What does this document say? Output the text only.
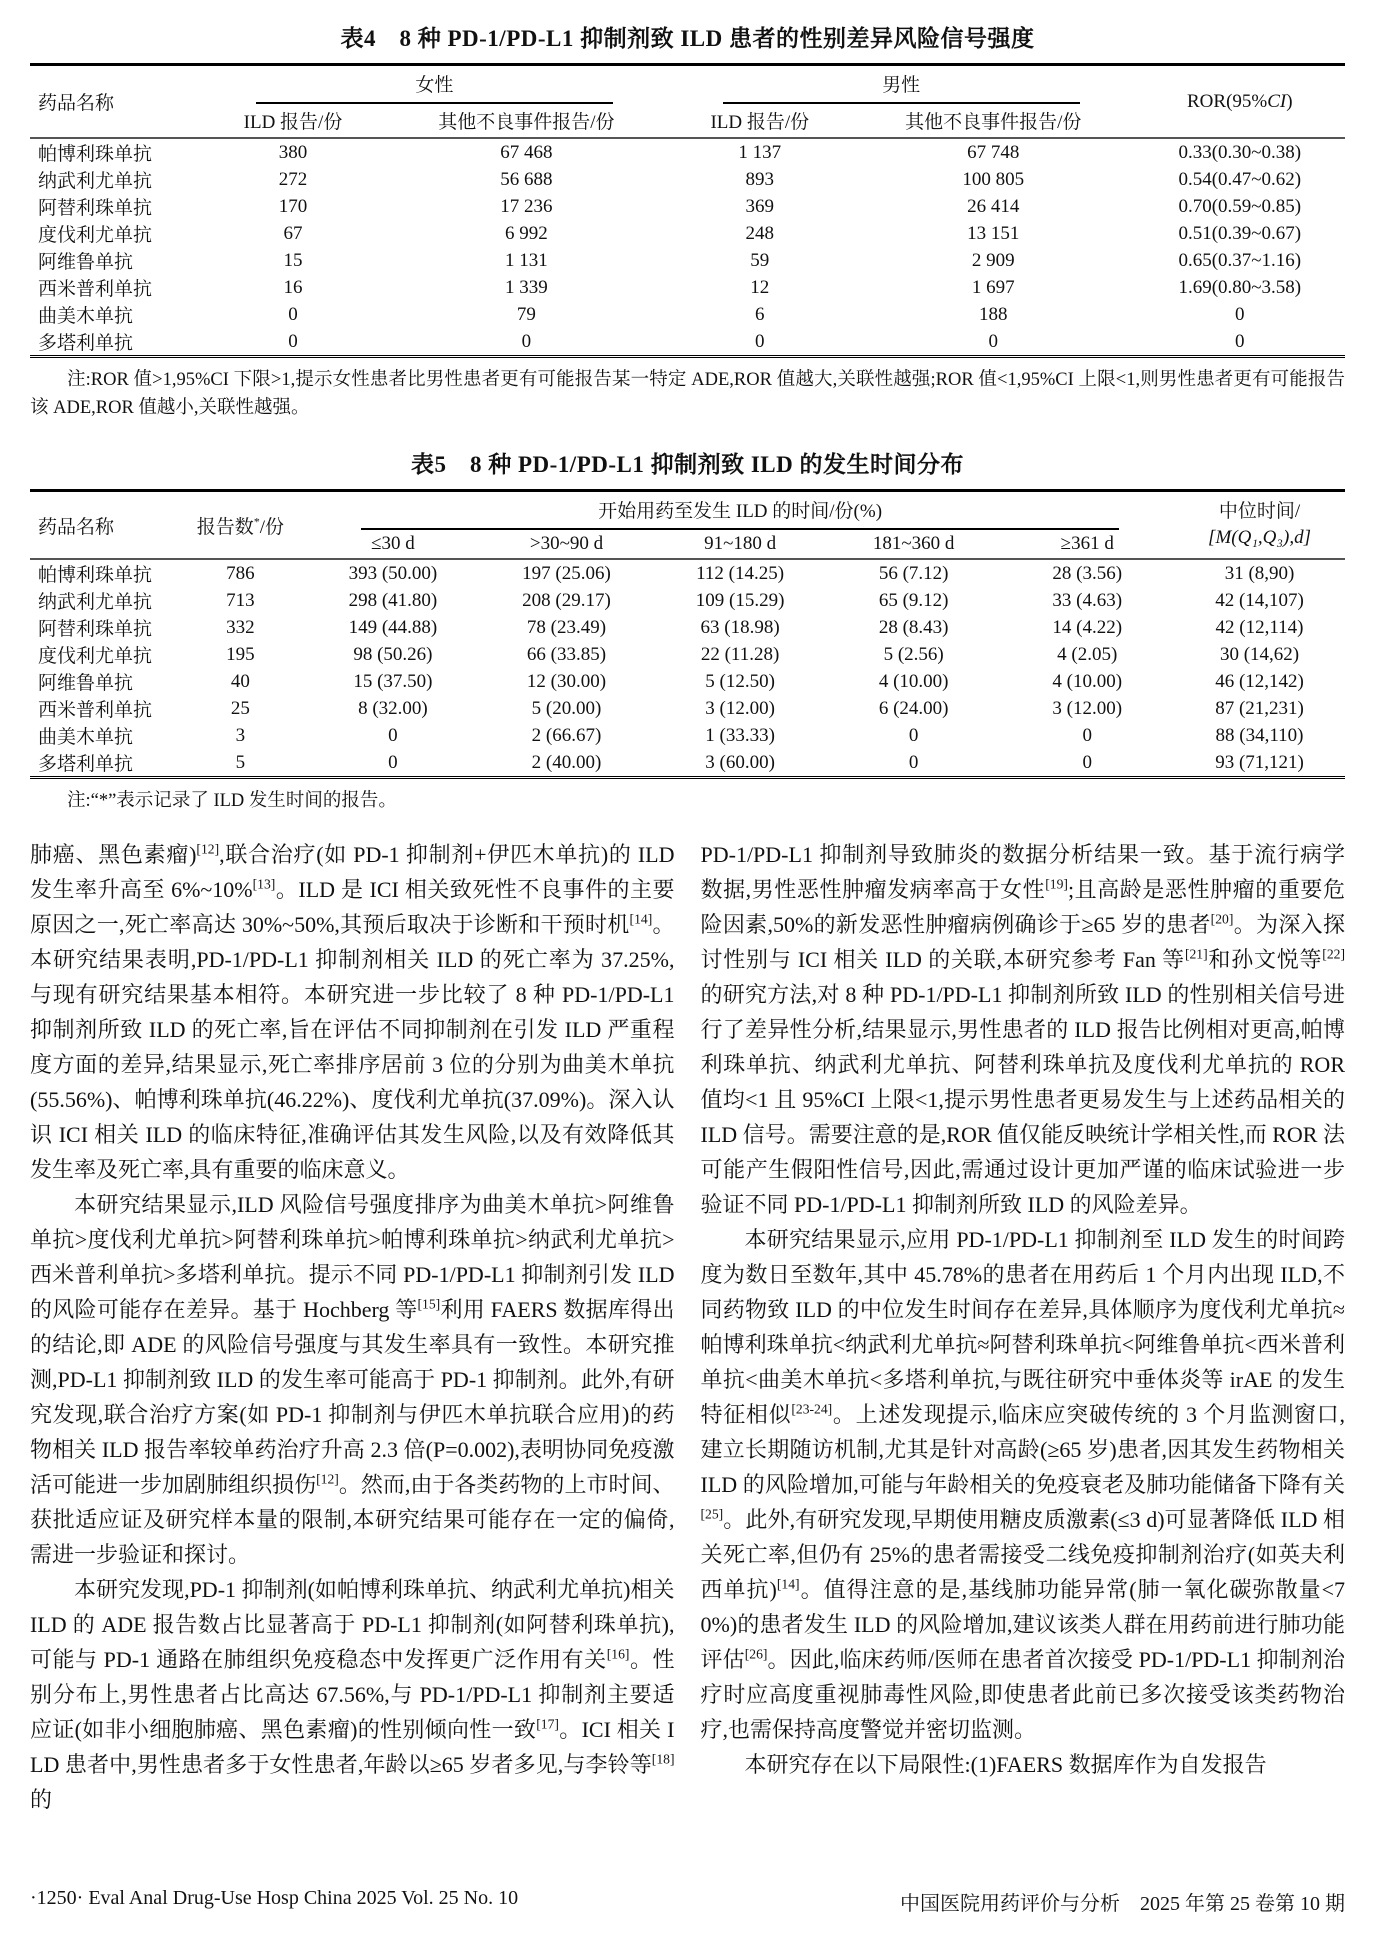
表4　8 种 PD-1/PD-L1 抑制剂致 ILD 患者的性别差异风险信号强度
药品名称	女性		男性		ROR(95%CI)
	ILD 报告/份	其他不良事件报告/份	ILD 报告/份	其他不良事件报告/份	
帕博利珠单抗	380	67 468	1 137	67 748	0.33(0.30~0.38)
纳武利尤单抗	272	56 688	893	100 805	0.54(0.47~0.62)
阿替利珠单抗	170	17 236	369	26 414	0.70(0.59~0.85)
度伐利尤单抗	67	6 992	248	13 151	0.51(0.39~0.67)
阿维鲁单抗	15	1 131	59	2 909	0.65(0.37~1.16)
西米普利单抗	16	1 339	12	1 697	1.69(0.80~3.58)
曲美木单抗	0	79	6	188	0
多塔利单抗	0	0	0	0	0
注:ROR 值>1,95%CI 下限>1,提示女性患者比男性患者更有可能报告某一特定 ADE,ROR 值越大,关联性越强;ROR 值<1,95%CI 上限<1,则男性患者更有可能报告该 ADE,ROR 值越小,关联性越强。
表5　8 种 PD-1/PD-L1 抑制剂致 ILD 的发生时间分布
药品名称	报告数*/份	开始用药至发生 ILD 的时间/份(%)					中位时间/
[M(Q₁,Q₃),d]
		≤30 d	>30~90 d	91~180 d	181~360 d	≥361 d	
帕博利珠单抗	786	393 (50.00)	197 (25.06)	112 (14.25)	56 (7.12)	28 (3.56)	31 (8,90)
纳武利尤单抗	713	298 (41.80)	208 (29.17)	109 (15.29)	65 (9.12)	33 (4.63)	42 (14,107)
阿替利珠单抗	332	149 (44.88)	78 (23.49)	63 (18.98)	28 (8.43)	14 (4.22)	42 (12,114)
度伐利尤单抗	195	98 (50.26)	66 (33.85)	22 (11.28)	5 (2.56)	4 (2.05)	30 (14,62)
阿维鲁单抗	40	15 (37.50)	12 (30.00)	5 (12.50)	4 (10.00)	4 (10.00)	46 (12,142)
西米普利单抗	25	8 (32.00)	5 (20.00)	3 (12.00)	6 (24.00)	3 (12.00)	87 (21,231)
曲美木单抗	3	0	2 (66.67)	1 (33.33)	0	0	88 (34,110)
多塔利单抗	5	0	2 (40.00)	3 (60.00)	0	0	93 (71,121)
注:“*”表示记录了 ILD 发生时间的报告。

肺癌、黑色素瘤)[12],联合治疗(如 PD-1 抑制剂+伊匹木单抗)的 ILD 发生率升高至 6%~10%[13]。ILD 是 ICI 相关致死性不良事件的主要原因之一,死亡率高达 30%~50%,其预后取决于诊断和干预时机[14]。本研究结果表明,PD-1/PD-L1 抑制剂相关 ILD 的死亡率为 37.25%,与现有研究结果基本相符。本研究进一步比较了 8 种 PD-1/PD-L1 抑制剂所致 ILD 的死亡率,旨在评估不同抑制剂在引发 ILD 严重程度方面的差异,结果显示,死亡率排序居前 3 位的分别为曲美木单抗(55.56%)、帕博利珠单抗(46.22%)、度伐利尤单抗(37.09%)。深入认识 ICI 相关 ILD 的临床特征,准确评估其发生风险,以及有效降低其发生率及死亡率,具有重要的临床意义。

本研究结果显示,ILD 风险信号强度排序为曲美木单抗>阿维鲁单抗>度伐利尤单抗>阿替利珠单抗>帕博利珠单抗>纳武利尤单抗>西米普利单抗>多塔利单抗。提示不同 PD-1/PD-L1 抑制剂引发 ILD 的风险可能存在差异。基于 Hochberg 等[15]利用 FAERS 数据库得出的结论,即 ADE 的风险信号强度与其发生率具有一致性。本研究推测,PD-L1 抑制剂致 ILD 的发生率可能高于 PD-1 抑制剂。此外,有研究发现,联合治疗方案(如 PD-1 抑制剂与伊匹木单抗联合应用)的药物相关 ILD 报告率较单药治疗升高 2.3 倍(P=0.002),表明协同免疫激活可能进一步加剧肺组织损伤[12]。然而,由于各类药物的上市时间、获批适应证及研究样本量的限制,本研究结果可能存在一定的偏倚,需进一步验证和探讨。

本研究发现,PD-1 抑制剂(如帕博利珠单抗、纳武利尤单抗)相关 ILD 的 ADE 报告数占比显著高于 PD-L1 抑制剂(如阿替利珠单抗),可能与 PD-1 通路在肺组织免疫稳态中发挥更广泛作用有关[16]。性别分布上,男性患者占比高达 67.56%,与 PD-1/PD-L1 抑制剂主要适应证(如非小细胞肺癌、黑色素瘤)的性别倾向性一致[17]。ICI 相关 ILD 患者中,男性患者多于女性患者,年龄以≥65 岁者多见,与李铃等[18]的

PD-1/PD-L1 抑制剂导致肺炎的数据分析结果一致。基于流行病学数据,男性恶性肿瘤发病率高于女性[19];且高龄是恶性肿瘤的重要危险因素,50%的新发恶性肿瘤病例确诊于≥65 岁的患者[20]。为深入探讨性别与 ICI 相关 ILD 的关联,本研究参考 Fan 等[21]和孙文悦等[22]的研究方法,对 8 种 PD-1/PD-L1 抑制剂所致 ILD 的性别相关信号进行了差异性分析,结果显示,男性患者的 ILD 报告比例相对更高,帕博利珠单抗、纳武利尤单抗、阿替利珠单抗及度伐利尤单抗的 ROR 值均<1 且 95%CI 上限<1,提示男性患者更易发生与上述药品相关的 ILD 信号。需要注意的是,ROR 值仅能反映统计学相关性,而 ROR 法可能产生假阳性信号,因此,需通过设计更加严谨的临床试验进一步验证不同 PD-1/PD-L1 抑制剂所致 ILD 的风险差异。

本研究结果显示,应用 PD-1/PD-L1 抑制剂至 ILD 发生的时间跨度为数日至数年,其中 45.78%的患者在用药后 1 个月内出现 ILD,不同药物致 ILD 的中位发生时间存在差异,具体顺序为度伐利尤单抗≈帕博利珠单抗<纳武利尤单抗≈阿替利珠单抗<阿维鲁单抗<西米普利单抗<曲美木单抗<多塔利单抗,与既往研究中垂体炎等 irAE 的发生特征相似[23-24]。上述发现提示,临床应突破传统的 3 个月监测窗口,建立长期随访机制,尤其是针对高龄(≥65 岁)患者,因其发生药物相关 ILD 的风险增加,可能与年龄相关的免疫衰老及肺功能储备下降有关[25]。此外,有研究发现,早期使用糖皮质激素(≤3 d)可显著降低 ILD 相关死亡率,但仍有 25%的患者需接受二线免疫抑制剂治疗(如英夫利西单抗)[14]。值得注意的是,基线肺功能异常(肺一氧化碳弥散量<70%)的患者发生 ILD 的风险增加,建议该类人群在用药前进行肺功能评估[26]。因此,临床药师/医师在患者首次接受 PD-1/PD-L1 抑制剂治疗时应高度重视肺毒性风险,即使患者此前已多次接受该类药物治疗,也需保持高度警觉并密切监测。

本研究存在以下局限性:(1)FAERS 数据库作为自发报告

·1250· Eval Anal Drug-Use Hosp China 2025 Vol. 25 No. 10	中国医院用药评价与分析　2025 年第 25 卷第 10 期
